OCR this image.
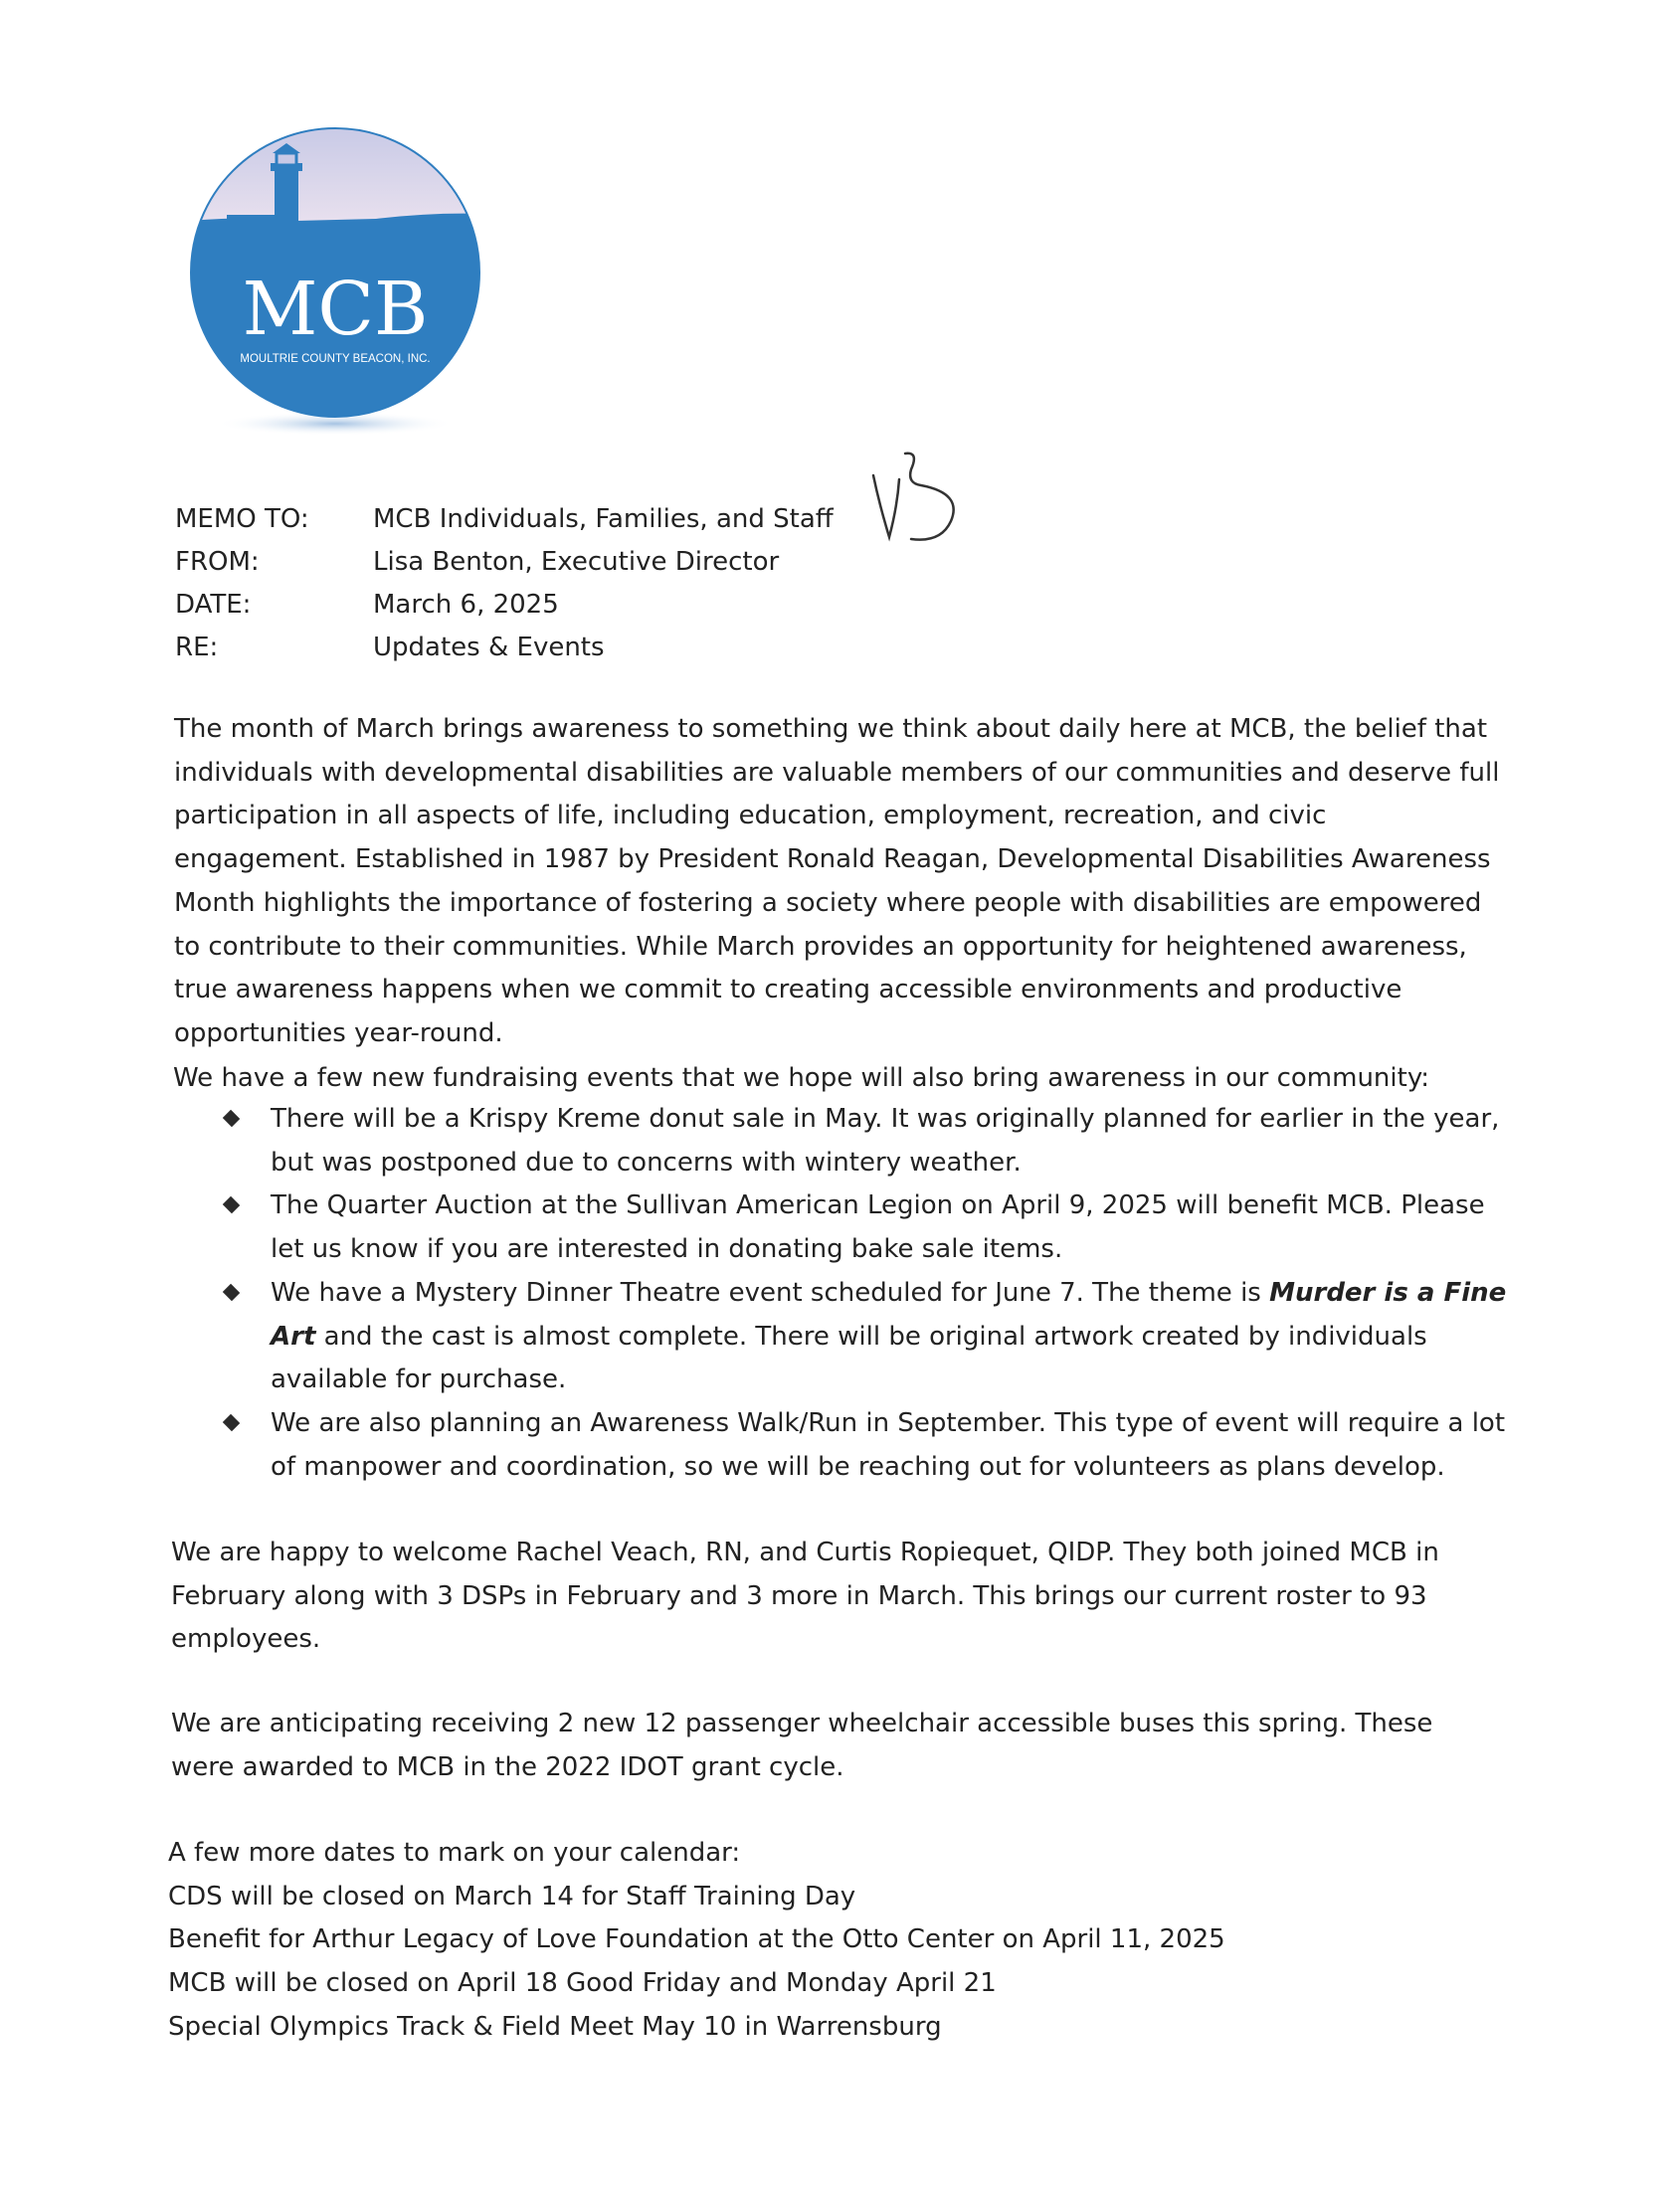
MCB
MOULTRIE COUNTY BEACON, INC.
MEMO TO: MCB Individuals, Families, and Staff
FROM:	Lisa Benton, Executive Director
DATE:	March 6, 2025
RE:	Updates & Events

The month of March brings awareness to something we think about daily here at MCB, the belief that individuals with developmental disabilities are valuable members of our communities and deserve full participation in all aspects of life, including education, employment, recreation, and civic engagement. Established in 1987 by President Ronald Reagan, Developmental Disabilities Awareness Month highlights the importance of fostering a society where people with disabilities are empowered to contribute to their communities. While March provides an opportunity for heightened awareness, true awareness happens when we commit to creating accessible environments and productive opportunities year-round.

We have a few new fundraising events that we hope will also bring awareness in our community:

There will be a Krispy Kreme donut sale in May. It was originally planned for earlier in the year, but was postponed due to concerns with wintery weather.
The Quarter Auction at the Sullivan American Legion on April 9, 2025 will benefit MCB. Please let us know if you are interested in donating bake sale items.
We have a Mystery Dinner Theatre event scheduled for June 7. The theme is Murder is a Fine Art and the cast is almost complete. There will be original artwork created by individuals available for purchase.
We are also planning an Awareness Walk/Run in September. This type of event will require a lot of manpower and coordination, so we will be reaching out for volunteers as plans develop.

We are happy to welcome Rachel Veach, RN, and Curtis Ropiequet, QIDP. They both joined MCB in February along with 3 DSPs in February and 3 more in March. This brings our current roster to 93 employees.

We are anticipating receiving 2 new 12 passenger wheelchair accessible buses this spring. These were awarded to MCB in the 2022 IDOT grant cycle.

A few more dates to mark on your calendar:
CDS will be closed on March 14 for Staff Training Day
Benefit for Arthur Legacy of Love Foundation at the Otto Center on April 11, 2025
MCB will be closed on April 18 Good Friday and Monday April 21
Special Olympics Track & Field Meet May 10 in Warrensburg
